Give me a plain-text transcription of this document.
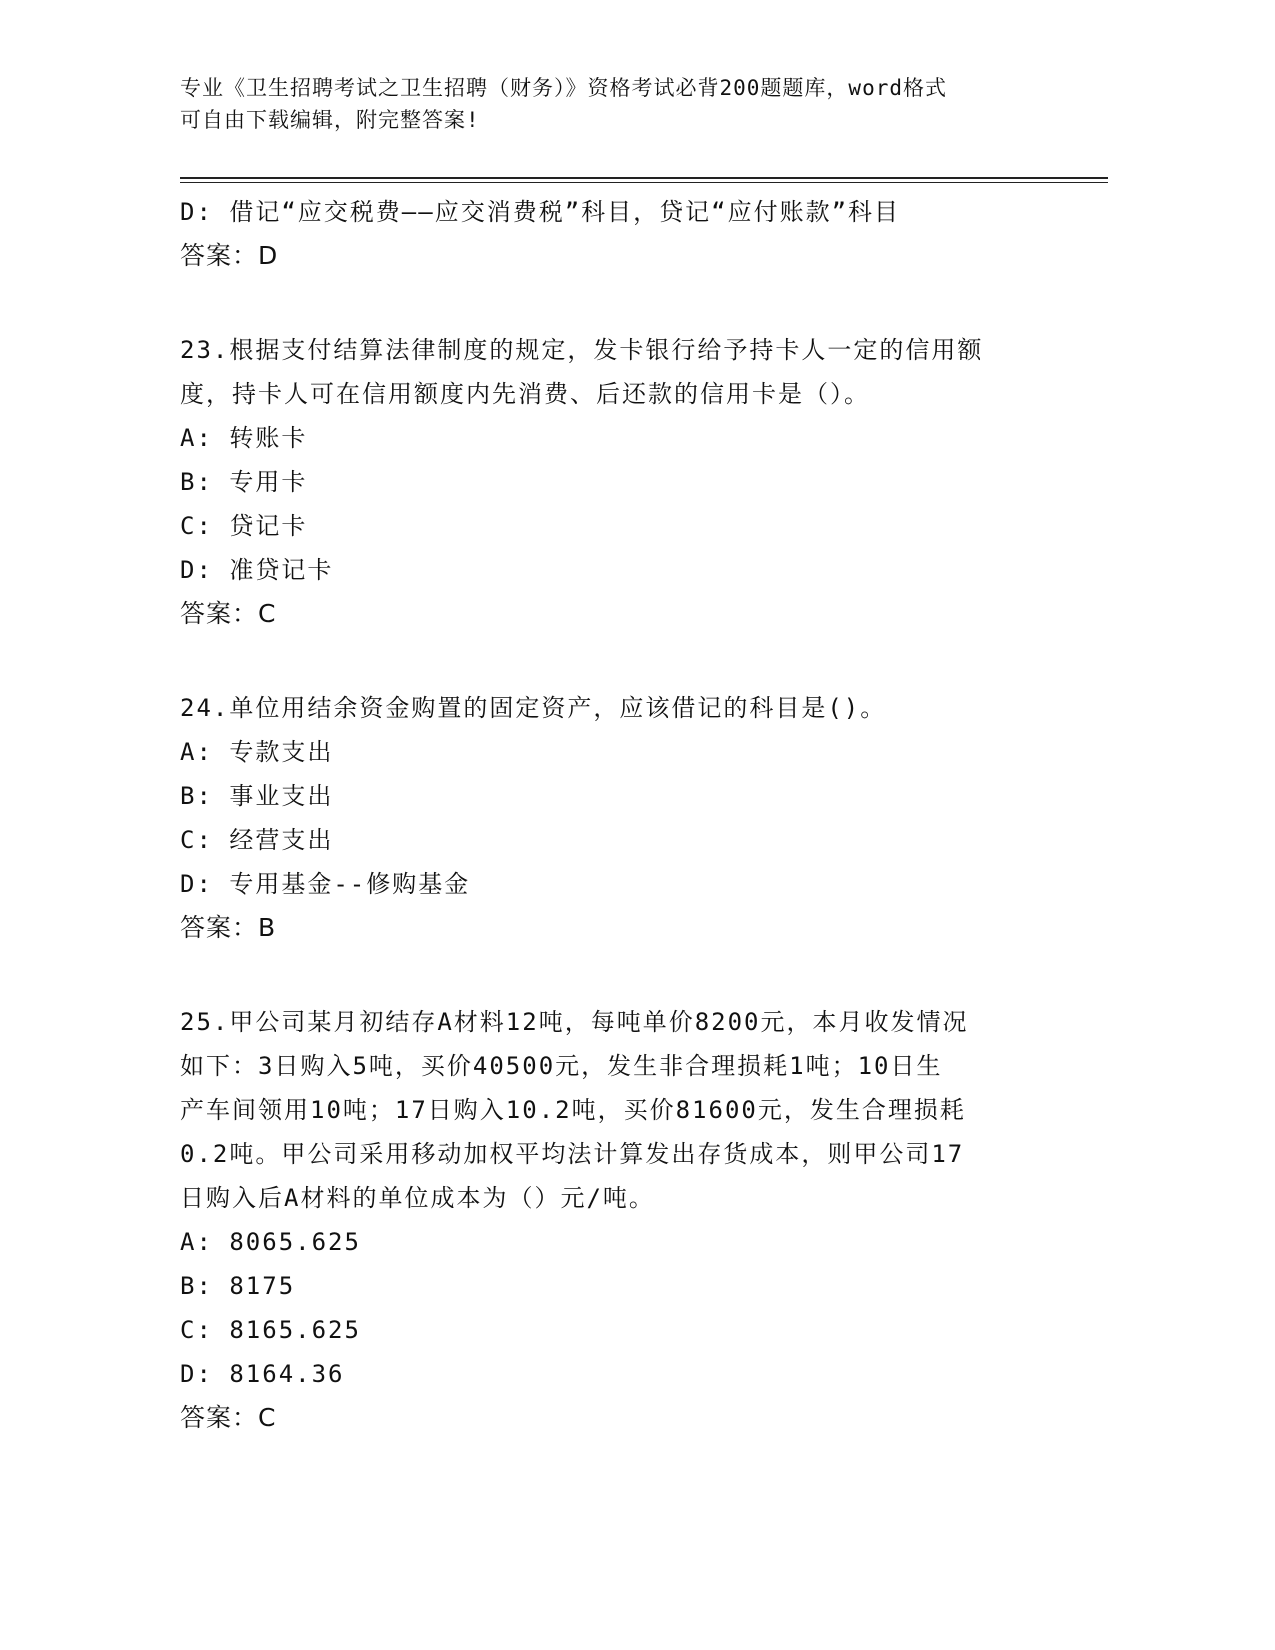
专业《卫生招聘考试之卫生招聘（财务）》资格考试必背200题题库，word格式
可自由下载编辑，附完整答案!
D: 借记“应交税费——应交消费税”科目，贷记“应付账款”科目
答案：D
23.根据支付结算法律制度的规定，发卡银行给予持卡人一定的信用额
度，持卡人可在信用额度内先消费、后还款的信用卡是（）。
A: 转账卡
B: 专用卡
C: 贷记卡
D: 准贷记卡
答案：C
24.单位用结余资金购置的固定资产，应该借记的科目是()。
A: 专款支出
B: 事业支出
C: 经营支出
D: 专用基金--修购基金
答案：B
25.甲公司某月初结存A材料12吨，每吨单价8200元，本月收发情况
如下：3日购入5吨，买价40500元，发生非合理损耗1吨；10日生
产车间领用10吨；17日购入10.2吨，买价81600元，发生合理损耗
0.2吨。甲公司采用移动加权平均法计算发出存货成本，则甲公司17
日购入后A材料的单位成本为（）元/吨。
A: 8065.625
B: 8175
C: 8165.625
D: 8164.36
答案：C
